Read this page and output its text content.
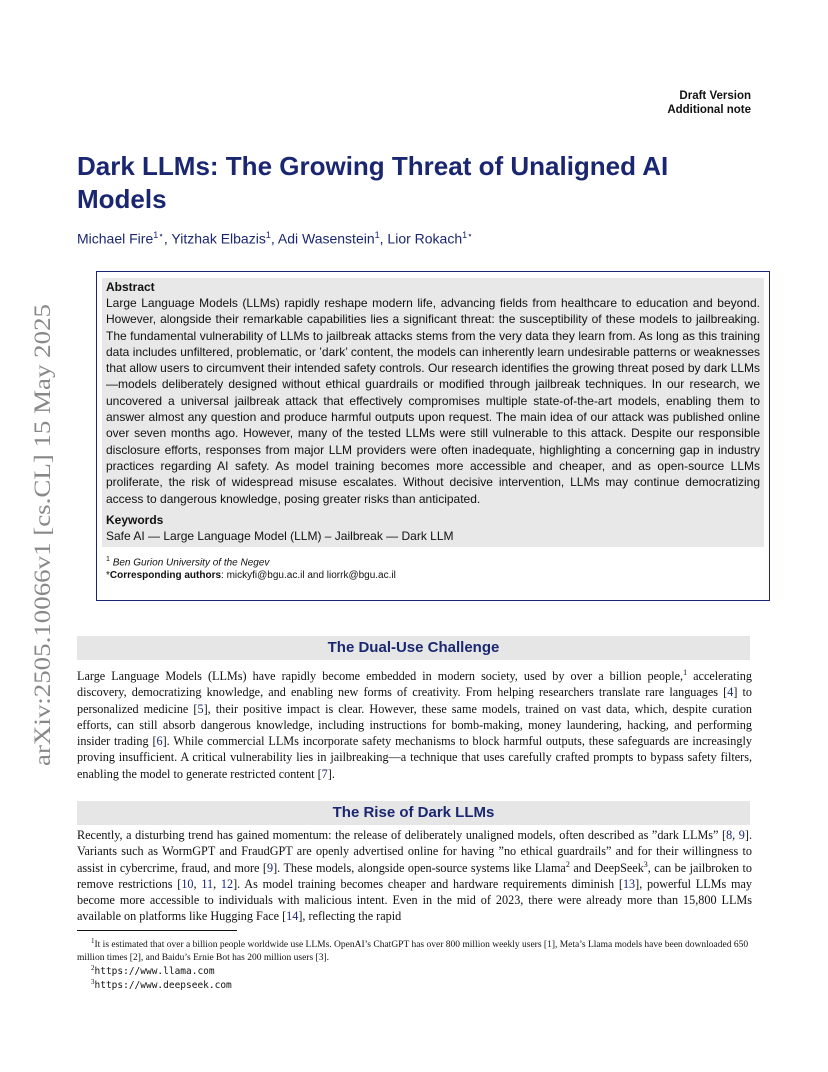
arXiv:2505.10066v1 [cs.CL] 15 May 2025
Draft Version
Additional note
Dark LLMs: The Growing Threat of Unaligned AI Models
Michael Fire$^{1⋆}$, Yitzhak Elbazis$^1$, Adi Wasenstein$^1$, Lior Rokach$^{1⋆}$
Abstract
Large Language Models (LLMs) rapidly reshape modern life, advancing fields from healthcare to education and beyond. However, alongside their remarkable capabilities lies a significant threat: the susceptibility of these models to jailbreaking. The fundamental vulnerability of LLMs to jailbreak attacks stems from the very data they learn from. As long as this training data includes unfiltered, problematic, or ’dark’ content, the models can inherently learn undesirable patterns or weaknesses that allow users to circumvent their intended safety controls. Our research identifies the growing threat posed by dark LLMs—models deliberately designed without ethical guardrails or modified through jailbreak techniques. In our research, we uncovered a universal jailbreak attack that effectively compromises multiple state-of-the-art models, enabling them to answer almost any question and produce harmful outputs upon request. The main idea of our attack was published online over seven months ago. However, many of the tested LLMs were still vulnerable to this attack. Despite our responsible disclosure efforts, responses from major LLM providers were often inadequate, highlighting a concerning gap in industry practices regarding AI safety. As model training becomes more accessible and cheaper, and as open-source LLMs proliferate, the risk of widespread misuse escalates. Without decisive intervention, LLMs may continue democratizing access to dangerous knowledge, posing greater risks than anticipated.
Keywords
Safe AI — Large Language Model (LLM) – Jailbreak — Dark LLM
$^1$ Ben Gurion University of the Negev
*Corresponding authors: mickyfi@bgu.ac.il and liorrk@bgu.ac.il
The Dual-Use Challenge

Large Language Models (LLMs) have rapidly become embedded in modern society, used by over a billion people,$^1$ accelerating discovery, democratizing knowledge, and enabling new forms of creativity. From helping researchers translate rare languages [4] to personalized medicine [5], their positive impact is clear. However, these same models, trained on vast data, which, despite curation efforts, can still absorb dangerous knowledge, including instructions for bomb-making, money laundering, hacking, and performing insider trading [6]. While commercial LLMs incorporate safety mechanisms to block harmful outputs, these safeguards are increasingly proving insufficient. A critical vulnerability lies in jailbreaking—a technique that uses carefully crafted prompts to bypass safety filters, enabling the model to generate restricted content [7].

The Rise of Dark LLMs

Recently, a disturbing trend has gained momentum: the release of deliberately unaligned models, often described as ”dark LLMs” [8, 9]. Variants such as WormGPT and FraudGPT are openly advertised online for having ”no ethical guardrails” and for their willingness to assist in cybercrime, fraud, and more [9]. These models, alongside open-source systems like Llama$^2$ and DeepSeek$^3$, can be jailbroken to remove restrictions [10, 11, 12]. As model training becomes cheaper and hardware requirements diminish [13], powerful LLMs may become more accessible to individuals with malicious intent. Even in the mid of 2023, there were already more than 15,800 LLMs available on platforms like Hugging Face [14], reflecting the rapid

$^1$It is estimated that over a billion people worldwide use LLMs. OpenAI’s ChatGPT has over 800 million weekly users [1], Meta’s Llama models have been downloaded 650 million times [2], and Baidu’s Ernie Bot has 200 million users [3].
$^2$https://www.llama.com
$^3$https://www.deepseek.com
